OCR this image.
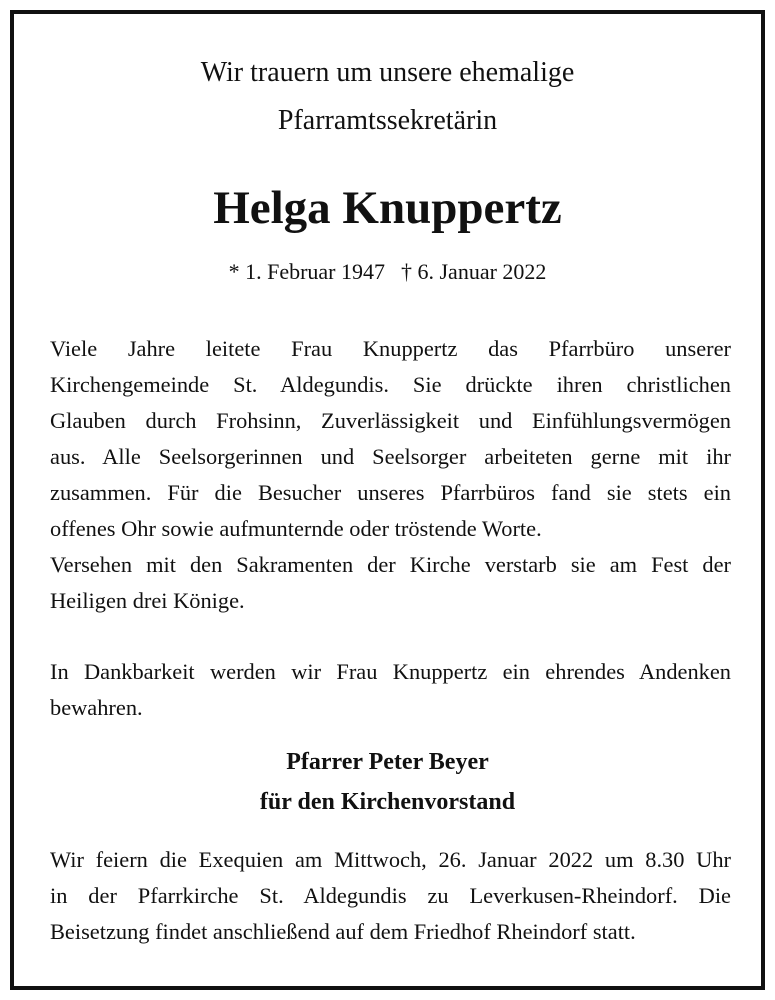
Wir trauern um unsere ehemalige
Pfarramtssekretärin
Helga Knuppertz
* 1. Februar 1947 † 6. Januar 2022
Viele Jahre leitete Frau Knuppertz das Pfarrbüro unserer
Kirchengemeinde St. Aldegundis. Sie drückte ihren christlichen
Glauben durch Frohsinn, Zuverlässigkeit und Einfühlungsvermögen
aus. Alle Seelsorgerinnen und Seelsorger arbeiteten gerne mit ihr
zusammen. Für die Besucher unseres Pfarrbüros fand sie stets ein
offenes Ohr sowie aufmunternde oder tröstende Worte.
Versehen mit den Sakramenten der Kirche verstarb sie am Fest der
Heiligen drei Könige.
In Dankbarkeit werden wir Frau Knuppertz ein ehrendes Andenken
bewahren.
Pfarrer Peter Beyer
für den Kirchenvorstand
Wir feiern die Exequien am Mittwoch, 26. Januar 2022 um 8.30 Uhr
in der Pfarrkirche St. Aldegundis zu Leverkusen-Rheindorf. Die
Beisetzung findet anschließend auf dem Friedhof Rheindorf statt.
